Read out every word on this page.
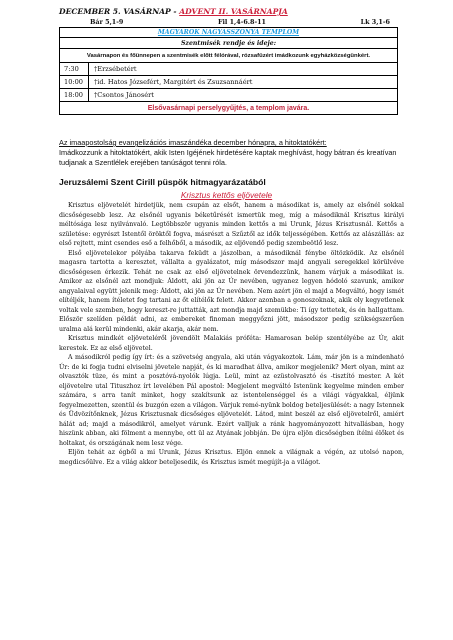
DECEMBER 5. VASÁRNAP - ADVENT II. VASÁRNAPJA
Bár 5,1-9	Fil 1,4-6.8-11	Lk 3,1-6
MAGYAROK NAGYASSZONYA TEMPLOM
Szentmisék rendje és ideje:
Vasárnapon és főünnepen a szentmisék előtt félórával, rózsafüzért imádkozunk egyházközségünkért.
7:30	†Erzsébetért
10:00	†id. Hatos Józsefért, Margitért és Zsuzsannáért
18:00	†Csontos Jánosért
Elsővasárnapi perselygyűjtés, a templom javára.
Az imaapostolság evangelizációs imaszándéka december hónapra, a hitoktatókért:
Imádkozzunk a hitoktatókért, akik Isten Igéjének hirdetésére kaptak meghívást, hogy bátran és kreatívan tudjanak a Szentlélek erejében tanúságot tenni róla.
Jeruzsálemi Szent Cirill püspök hitmagyarázatából
Krisztus kettős eljövetele

Krisztus eljövetelét hirdetjük, nem csupán az elsőt, hanem a másodikat is, amely az elsőnél sokkal dicsőségesebb lesz. Az elsőnél ugyanis béketűrését ismertük meg, míg a másodiknál Krisztus királyi méltósága lesz nyilvánvaló. Legtöbbször ugyanis minden kettős a mi Urunk, Jézus Krisztusnál. Kettős a születése: egyrészt Istentől öröktől fogva, másrészt a Szűztől az idők teljességében. Kettős az alászállás: az első rejtett, mint csendes eső a felhőből, a második, az eljövendő pedig szembeötlő lesz.

Első eljövetelekor pólyába takarva feküdt a jászolban, a másodiknál fénybe öltözködik. Az elsőnél magasra tartotta a keresztet, vállalta a gyalázatot, míg másodszor majd angyali seregekkel körülvéve dicsőségesen érkezik. Tehát ne csak az első eljövetelnek örvendezzünk, hanem várjuk a másodikat is. Amikor az elsőnél azt mondjuk: Áldott, aki jön az Úr nevében, ugyanez legyen hódoló szavunk, amikor angyalaival együtt jelenik meg: Áldott, aki jön az Úr nevében. Nem azért jön el majd a Megváltó, hogy ismét elítéljék, hanem ítéletet fog tartani az őt elítélők felett. Akkor azonban a gonoszoknak, akik oly kegyetlenek voltak vele szemben, hogy kereszt-re juttatták, azt mondja majd szemükbe: Ti így tettetek, és én hallgattam. Először szelíden példát adni, az embereket finoman meggyőzni jött, másodszor pedig szükségszerűen uralma alá kerül mindenki, akár akarja, akár nem.

Krisztus mindkét eljöveteléről jövendölt Malakiás próféta: Hamarosan belép szentélyébe az Úr, akit kerestek. Ez az első eljövetel.

A másodikról pedig így írt: és a szövetség angyala, aki után vágyakoztok. Lám, már jön is a mindenható Úr: de ki fogja tudni elviselni jövetele napját, és ki maradhat állva, amikor megjelenik? Mert olyan, mint az olvasztók tüze, és mint a posztóvá-nyolók lúgja. Leül, mint az ezüstolvasztó és -tisztító mester. A két eljövetelre utal Tituszhoz írt levelében Pál apostol: Megjelent megváltó Istenünk kegyelme minden ember számára, s arra tanít minket, hogy szakítsunk az istentelenséggel és a világi vágyakkal, éljünk fegyelmezetten, szentül és buzgón ezen a világon. Várjuk remé-nyünk boldog beteljesülését: a nagy Istennek és Üdvözítőnknek, Jézus Krisztusnak dicsőséges eljövetelét. Látod, mint beszél az első eljövetelről, amiért hálát ad; majd a másodikról, amelyet várunk. Ezért valljuk a ránk hagyományozott hitvallásban, hogy hiszünk abban, aki fölment a mennybe, ott ül az Atyának jobbján. De újra eljön dicsőségben ítélni élőket és holtakat, és országának nem lesz vége.

Eljön tehát az égből a mi Urunk, Jézus Krisztus. Eljön ennek a világnak a végén, az utolsó napon, megdicsőülve. Ez a világ akkor beteljesedik, és Krisztus ismét megújít-ja a világot.
